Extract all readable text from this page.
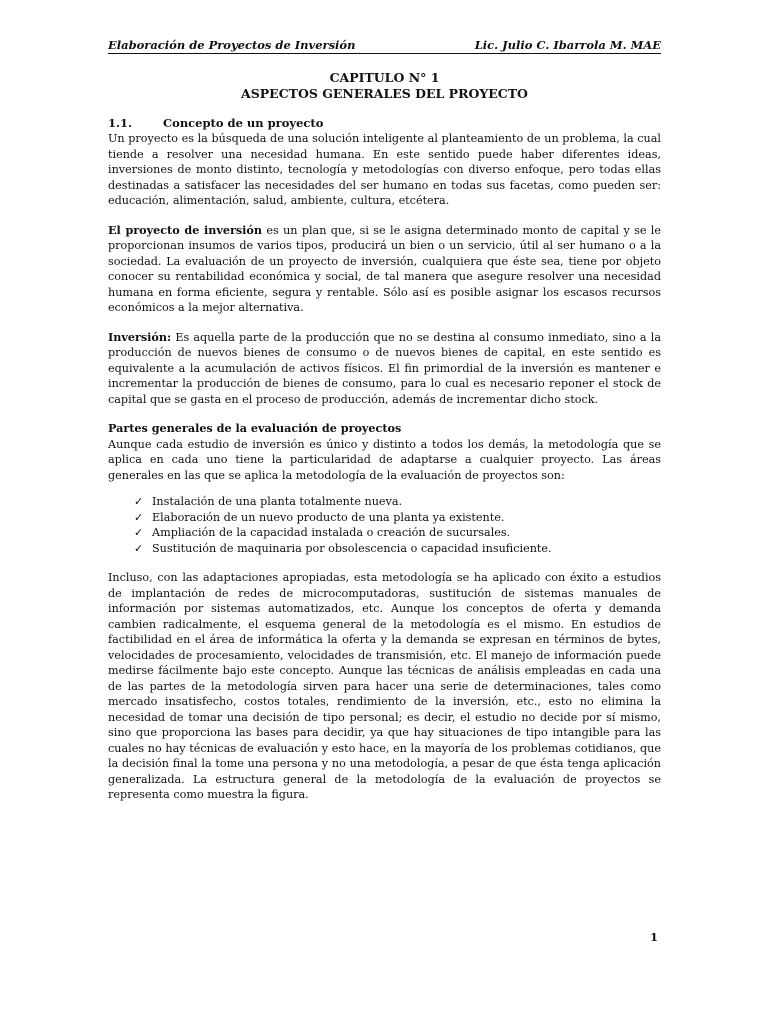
Elaboración de Proyectos de Inversión	Lic. Julio C. Ibarrola M. MAE
CAPITULO N° 1
ASPECTOS GENERALES DEL PROYECTO
1.1.	Concepto de un proyecto

Un proyecto es la búsqueda de una solución inteligente al planteamiento de un problema, la cual tiende a resolver una necesidad humana. En este sentido puede haber diferentes ideas, inversiones de monto distinto, tecnología y metodologías con diverso enfoque, pero todas ellas destinadas a satisfacer las necesidades del ser humano en todas sus facetas, como pueden ser: educación, alimentación, salud, ambiente, cultura, etcétera.

El proyecto de inversión es un plan que, si se le asigna determinado monto de capital y se le proporcionan insumos de varios tipos, producirá un bien o un servicio, útil al ser humano o a la sociedad. La evaluación de un proyecto de inversión, cualquiera que éste sea, tiene por objeto conocer su rentabilidad económica y social, de tal manera que asegure resolver una necesidad humana en forma eficiente, segura y rentable. Sólo así es posible asignar los escasos recursos económicos a la mejor alternativa.

Inversión: Es aquella parte de la producción que no se destina al consumo inmediato, sino a la producción de nuevos bienes de consumo o de nuevos bienes de capital, en este sentido es equivalente a la acumulación de activos físicos. El fin primordial de la inversión es mantener e incrementar la producción de bienes de consumo, para lo cual es necesario reponer el stock de capital que se gasta en el proceso de producción, además de incrementar dicho stock.

Partes generales de la evaluación de proyectos

Aunque cada estudio de inversión es único y distinto a todos los demás, la metodología que se aplica en cada uno tiene la particularidad de adaptarse a cualquier proyecto. Las áreas generales en las que se aplica la metodología de la evaluación de proyectos son:

✓ Instalación de una planta totalmente nueva.
✓ Elaboración de un nuevo producto de una planta ya existente.
✓ Ampliación de la capacidad instalada o creación de sucursales.
✓ Sustitución de maquinaria por obsolescencia o capacidad insuficiente.

Incluso, con las adaptaciones apropiadas, esta metodología se ha aplicado con éxito a estudios de implantación de redes de microcomputadoras, sustitución de sistemas manuales de información por sistemas automatizados, etc. Aunque los conceptos de oferta y demanda cambien radicalmente, el esquema general de la metodología es el mismo. En estudios de factibilidad en el área de informática la oferta y la demanda se expresan en términos de bytes, velocidades de procesamiento, velocidades de transmisión, etc. El manejo de información puede medirse fácilmente bajo este concepto. Aunque las técnicas de análisis empleadas en cada una de las partes de la metodología sirven para hacer una serie de determinaciones, tales como mercado insatisfecho, costos totales, rendimiento de la inversión, etc., esto no elimina la necesidad de tomar una decisión de tipo personal; es decir, el estudio no decide por sí mismo, sino que proporciona las bases para decidir, ya que hay situaciones de tipo intangible para las cuales no hay técnicas de evaluación y esto hace, en la mayoría de los problemas cotidianos, que la decisión final la tome una persona y no una metodología, a pesar de que ésta tenga aplicación generalizada. La estructura general de la metodología de la evaluación de proyectos se representa como muestra la figura.

1
